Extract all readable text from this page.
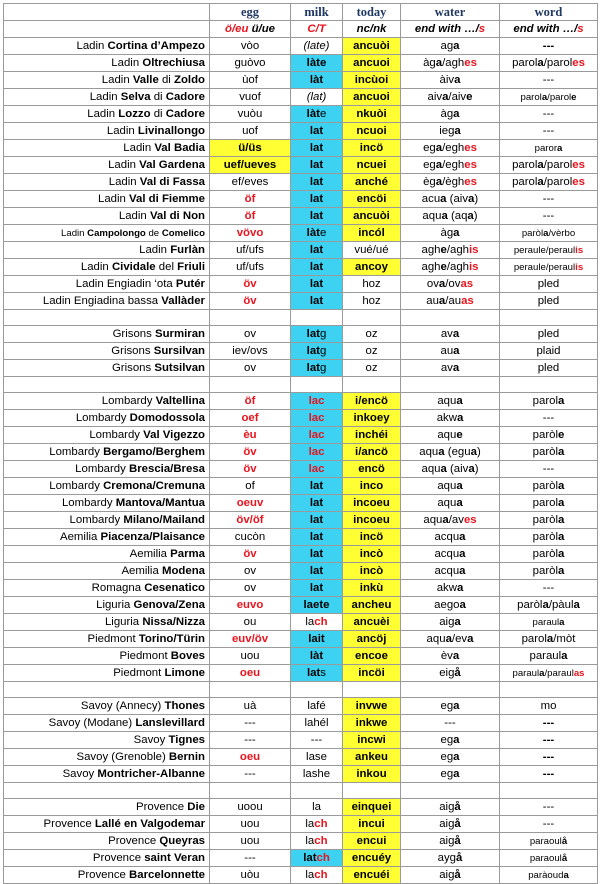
	egg	milk	today	water	word
	ö/eu ü/ue	C/T	nc/nk	end with …/s	end with …/s
Ladin Cortina d’Ampezo	vòo	(late)	ancuòi	aga	---
Ladin Oltrechiusa	guòvo	làte	ancuoi	àga/aghes	parola/paroles
Ladin Valle di Zoldo	ùof	làt	incùoi	àiva	---
Ladin Selva di Cadore	vuof	(lat)	ancuoi	aiva/aive	parola/parole
Ladin Lozzo di Cadore	vuòu	làte	nkuòi	àga	---
Ladin Livinallongo	uof	lat	ncuoi	iega	---
Ladin Val Badia	ü/üs	lat	incö	ega/eghes	parora
Ladin Val Gardena	uef/ueves	lat	ncuei	ega/eghes	parola/paroles
Ladin Val di Fassa	ef/eves	lat	anché	èga/èghes	parola/paroles
Ladin Val di Fiemme	öf	lat	encöi	acua (aiva)	---
Ladin Val di Non	öf	lat	ancuòi	aqua (aqa)	---
Ladin Campolongo de Comelico	vövo	làte	incól	àga	paròla/vèrbo
Ladin Furlàn	uf/ufs	lat	vué/ué	aghe/aghis	peraule/peraulis
Ladin Cividale del Friuli	uf/ufs	lat	ancoy	aghe/aghis	peraule/peraulis
Ladin Engiadin ‘ota Putér	öv	lat	hoz	ova/ovas	pled
Ladin Engiadina bassa Vallàder	öv	lat	hoz	aua/auas	pled

Grisons Surmiran	ov	latg	oz	ava	pled
Grisons Sursilvan	iev/ovs	latg	oz	aua	plaid
Grisons Sutsilvan	ov	latg	oz	ava	pled

Lombardy Valtellina	öf	lac	i/encö	aqua	parola
Lombardy Domodossola	oef	lac	inkoey	akwa	---
Lombardy Val Vigezzo	èu	lac	inchéi	aque	paròle
Lombardy Bergamo/Berghem	öv	lac	i/ancö	aqua (egua)	paròla
Lombardy Brescia/Bresa	öv	lac	encö	aqua (aiva)	---
Lombardy Cremona/Cremuna	of	lat	inco	aqua	paròla
Lombardy Mantova/Mantua	oeuv	lat	incoeu	aqua	parola
Lombardy Milano/Mailand	öv/öf	lat	incoeu	aqua/aves	paròla
Aemilia Piacenza/Plaisance	cucòn	lat	incö	acqua	paròla
Aemilia Parma	öv	lat	incò	acqua	paròla
Aemilia Modena	ov	lat	incò	acqua	paròla
Romagna Cesenatico	ov	lat	inkù	akwa	---
Liguria Genova/Zena	euvo	laete	ancheu	aegoa	paròla/pàula
Liguria Nissa/Nizza	ou	lach	ancuèi	aiga	paraula
Piedmont Torino/Türin	euv/öv	lait	ancöj	aqua/eva	parola/mòt
Piedmont Boves	uou	làt	encoe	èva	paraula
Piedmont Limone	oeu	lats	incöi	eigå	paraula/paraulas

Savoy (Annecy) Thones	uà	lafé	invwe	ega	mo
Savoy (Modane) Lanslevillard	---	lahél	inkwe	---	---
Savoy Tignes	---	---	incwi	ega	---
Savoy (Grenoble) Bernin	oeu	lase	ankeu	ega	---
Savoy Montricher-Albanne	---	lashe	inkou	ega	---

Provence Die	uoou	la	einquei	aigå	---
Provence Lallé en Valgodemar	uou	lach	incui	aigå	---
Provence Queyras	uou	lach	encui	aigå	paraoulå
Provence saint Veran	---	latch	encuéy	aygå	paraoulå
Provence Barcelonnette	uòu	lach	encuéi	aigå	paràouda
